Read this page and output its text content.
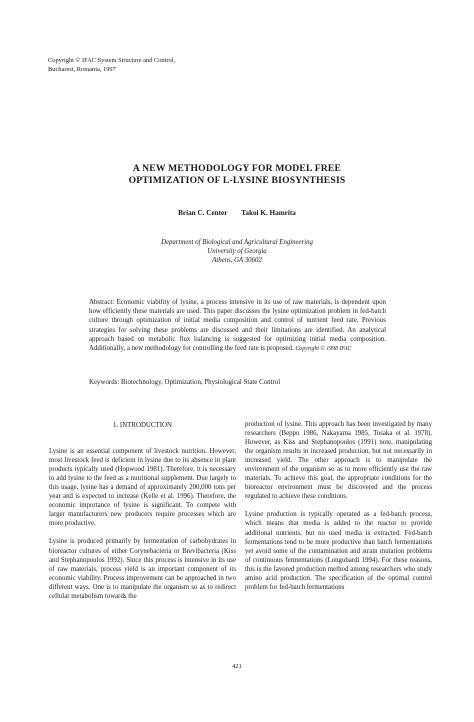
Copyright © IFAC System Structure and Control,
Bucharest, Romania, 1997
A NEW METHODOLOGY FOR MODEL FREE
OPTIMIZATION OF L-LYSINE BIOSYNTHESIS
Brian C. Center Takoi K. Hamrita
Department of Biological and Agricultural Engineering
University of Georgia
Athens, GA 30602

Abstract: Economic viability of lysine, a process intensive in its use of raw materials, is dependent upon how efficiently these materials are used. This paper discusses the lysine optimization problem in fed-batch culture through optimization of initial media composition and control of nutrient feed rate. Previous strategies for solving these problems are discussed and their limitations are identified. An analytical approach based on metabolic flux balancing is suggested for optimizing initial media composition. Additionally, a new methodology for controlling the feed rate is proposed. Copyright © 1998 IFAC

Keywords: Biotechnology, Optimization, Physiological State Control

1. INTRODUCTION

Lysine is an essential component of livestock nutrition. However, most livestock feed is deficient in lysine due to its absence in plant products typically used (Hopwood 1981). Therefore, it is necessary to add lysine to the feed as a nutritional supplement. Due largely to this usage, lysine has a demand of approximately 200,000 tons per year and is expected to increase (Kelle et al. 1996). Therefore, the economic importance of lysine is significant. To compete with larger manufacturers new producers require processes which are more productive.

Lysine is produced primarily by fermentation of carbohydrates in bioreactor cultures of either Corynebacteria or Brevibacteria (Kiss and Stephanopoulos 1992). Since this process is intensive in its use of raw materials, process yield is an important component of its economic viability. Process improvement can be approached in two different ways. One is to manipulate the organism so as to redirect cellular metabolism towards the

production of lysine. This approach has been investigated by many researchers (Beppu 1986, Nakayama 1985, Tosaka et al. 1978). However, as Kiss and Stephanopoulos (1991) note, manipulating the organism results in increased production, but not necessarily in increased yield. The other approach is to manipulate the environment of the organism so as to more efficiently use the raw materials. To achieve this goal, the appropriate conditions for the bioreactor environment must be discovered and the process regulated to achieve these conditions.

Lysine production is typically operated as a fed-batch process, which means that media is added to the reactor to provide additional nutrients, but no used media is extracted. Fed-batch fermentations tend to be more productive than batch fermentations yet avoid some of the contamination and strain mutation problems of continuous fermentations (Longobardi 1994). For these reasons, this is the favored production method among researchers who study amino acid production. The specification of the optimal control problem for fed-batch fermentations

421
